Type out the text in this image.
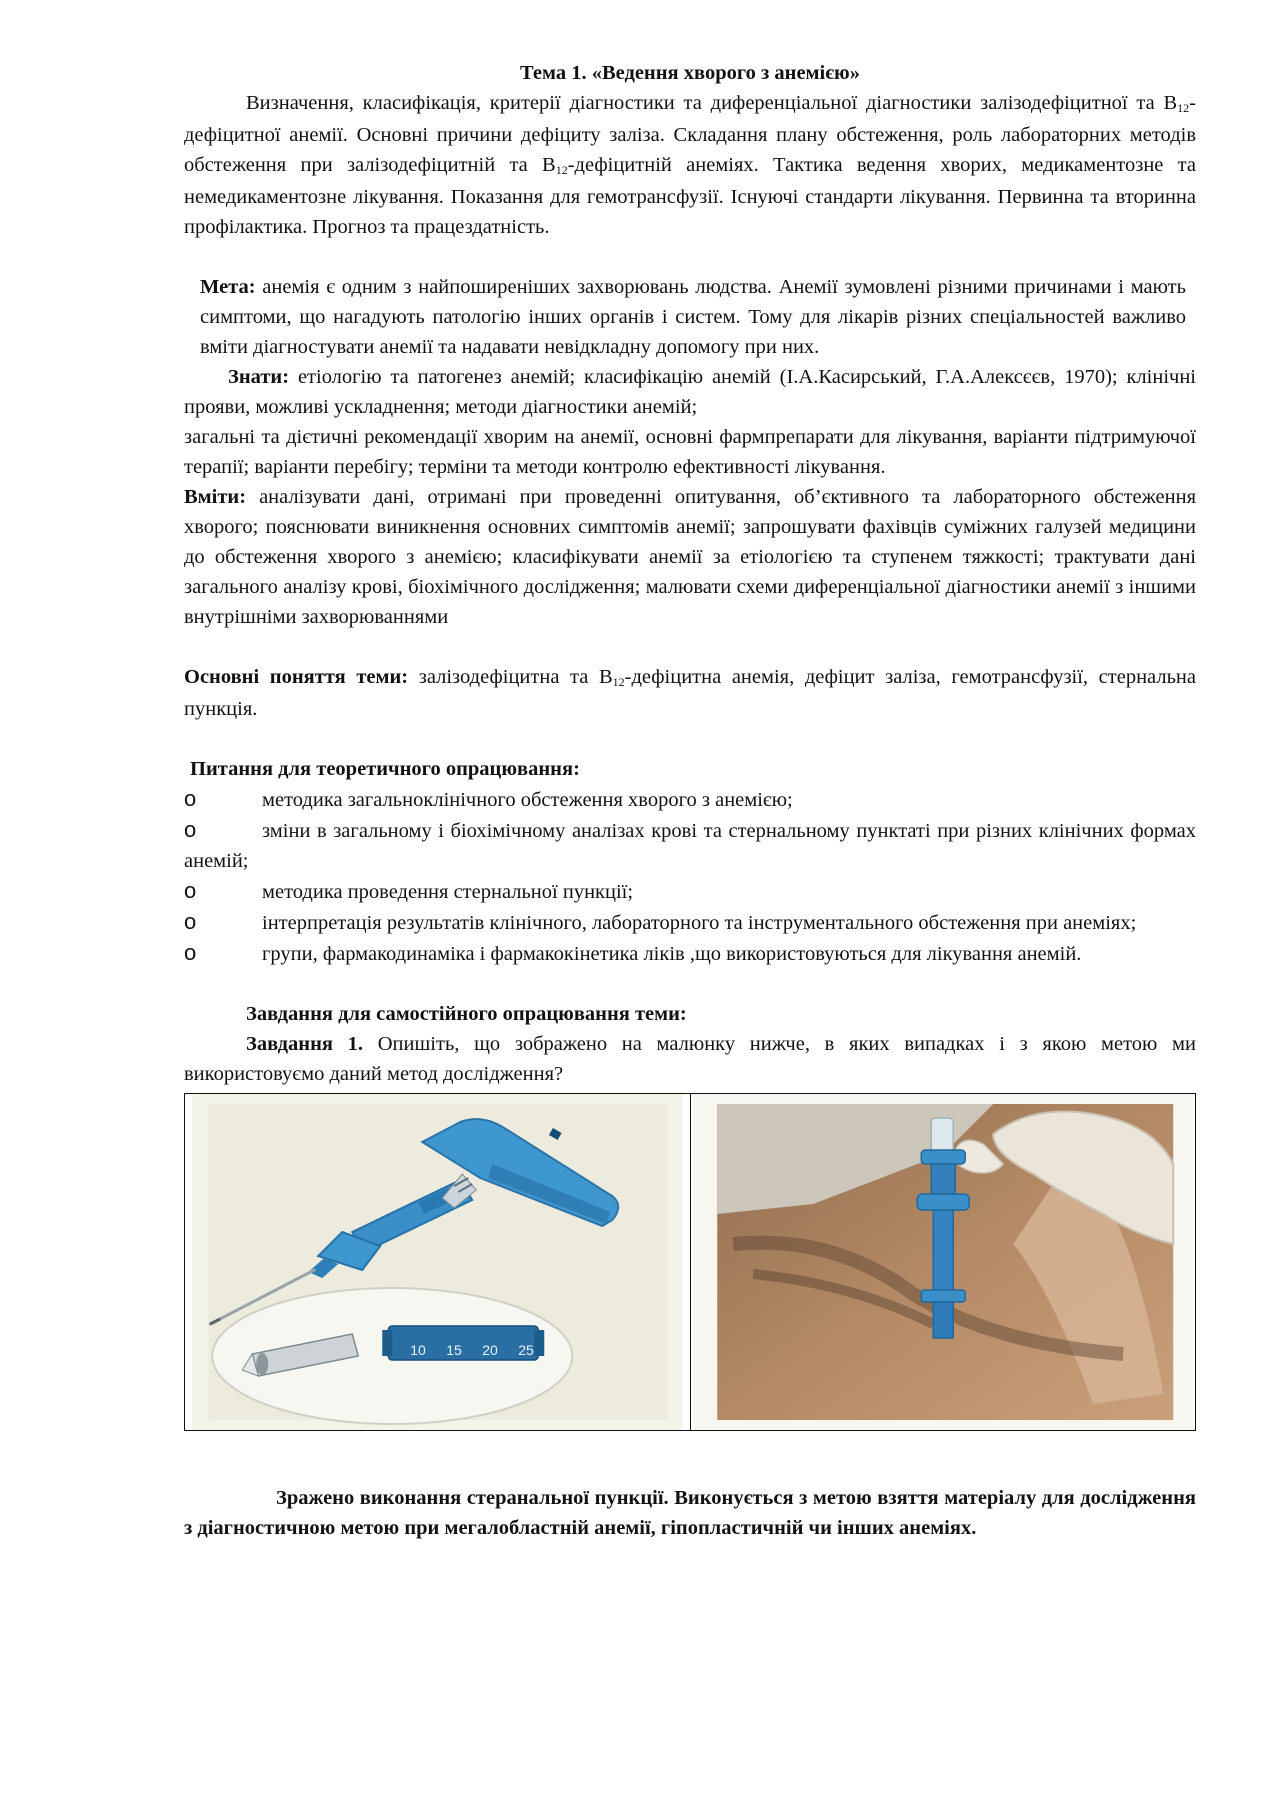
Тема 1. «Ведення хворого з анемією»

Визначення, класифікація, критерії діагностики та диференціальної діагностики залізодефіцитної та В12-дефіцитної анемії. Основні причини дефіциту заліза. Складання плану обстеження, роль лабораторних методів обстеження при залізодефіцитній та В12-дефіцитній анеміях. Тактика ведення хворих, медикаментозне та немедикаментозне лікування. Показання для гемотрансфузії. Існуючі стандарти лікування. Первинна та вторинна профілактика. Прогноз та працездатність.

Мета: анемія є одним з найпоширеніших захворювань людства. Анемії зумовлені різними причинами і мають симптоми, що нагадують патологію інших органів і систем. Тому для лікарів різних спеціальностей важливо вміти діагностувати анемії та надавати невідкладну допомогу при них.

Знати: етіологію та патогенез анемій; класифікацію анемій (І.А.Касирський, Г.А.Алексєєв, 1970); клінічні прояви, можливі ускладнення; методи діагностики анемій;

загальні та дієтичні рекомендації хворим на анемії, основні фармпрепарати для лікування, варіанти підтримуючої терапії; варіанти перебігу; терміни та методи контролю ефективності лікування.

Вміти: аналізувати дані, отримані при проведенні опитування, об’єктивного та лабораторного обстеження хворого; пояснювати виникнення основних симптомів анемії; запрошувати фахівців суміжних галузей медицини до обстеження хворого з анемією; класифікувати анемії за етіологією та ступенем тяжкості; трактувати дані загального аналізу крові, біохімічного дослідження; малювати схеми диференціальної діагностики анемії з іншими внутрішніми захворюваннями

Основні поняття теми: залізодефіцитна та В12-дефіцитна анемія, дефіцит заліза, гемотрансфузії, стернальна пункція.

Питання для теоретичного опрацювання:

o	методика загальноклінічного обстеження хворого з анемією;

o	зміни в загальному і біохімічному аналізах крові та стернальному пунктаті при різних клінічних формах анемій;

o	методика проведення стернальної пункції;

o	інтерпретація результатів клінічного, лабораторного та інструментального обстеження при анеміях;

o	групи, фармакодинаміка і фармакокінетика ліків ,що використовуються для лікування анемій.

Завдання для самостійного опрацювання теми:

Завдання 1. Опишіть, що зображено на малюнку нижче, в яких випадках і з якою метою ми використовуємо даний метод дослідження?

10	15	20	25

Зражено виконання стеранальної пункції. Виконується з метою взяття матеріалу для дослідження з діагностичною метою при мегалобластній анемії, гіпопластичній чи інших анеміях.
